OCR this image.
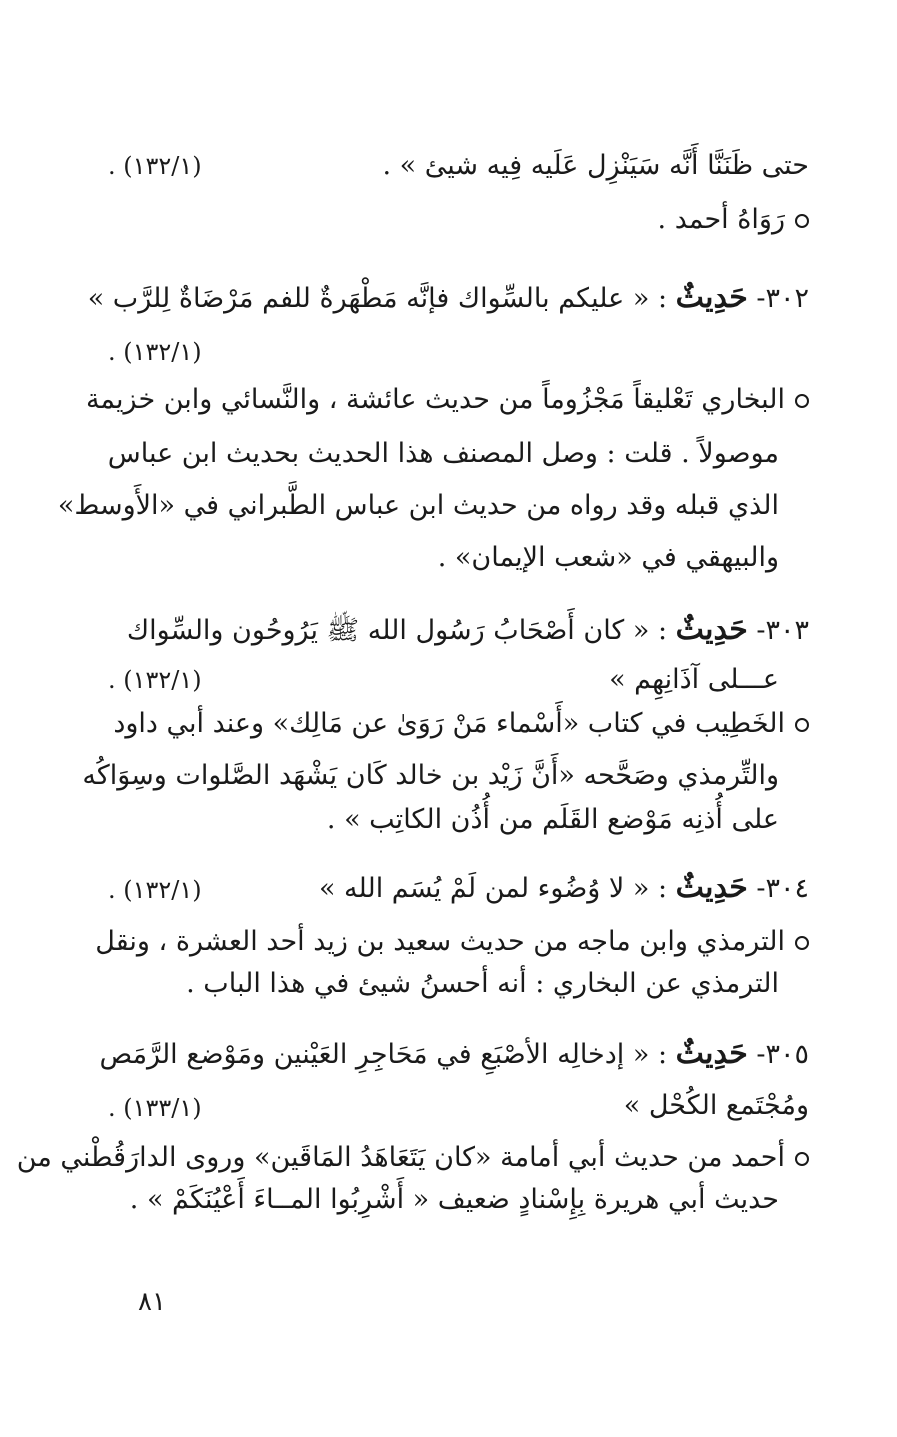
حتى ظَنَنَّا أَنَّه سَيَنْزِل عَلَيه فِيه شيئ » .
(١٣٢/١) .
رَوَاهُ أحمد .
٣٠٢- حَدِيثٌ : « عليكم بالسِّواك فإنَّه مَطْهَرةٌ للفم مَرْضَاةٌ لِلرَّب »
(١٣٢/١) .
البخاري تَعْليقاً مَجْزُوماً من حديث عائشة ، والنَّسائي وابن خزيمة
موصولاً . قلت : وصل المصنف هذا الحديث بحديث ابن عباس
الذي قبله وقد رواه من حديث ابن عباس الطَّبراني في «الأَوسط»
والبيهقي في «شعب الإيمان» .
٣٠٣- حَدِيثٌ : « كان أَصْحَابُ رَسُول الله ﷺ يَرُوحُون والسِّواك
عـــلى آذَانِهِم »
(١٣٢/١) .
الخَطِيب في كتاب «أَسْماء مَنْ رَوَىٰ عن مَالِك» وعند أبي داود
والتِّرمذي وصَحَّحه «أَنَّ زَيْد بن خالد كَان يَشْهَد الصَّلوات وسِوَاكُه
على أُذنِه مَوْضع القَلَم من أُذُن الكاتِب » .
٣٠٤- حَدِيثٌ : « لا وُضُوء لمن لَمْ يُسَم الله »
(١٣٢/١) .
الترمذي وابن ماجه من حديث سعيد بن زيد أحد العشرة ، ونقل
الترمذي عن البخاري : أنه أحسنُ شيئ في هذا الباب .
٣٠٥- حَدِيثٌ : « إدخالِه الأصْبَعِ في مَحَاجِرِ العَيْنين ومَوْضع الرَّمَص
ومُجْتَمع الكُحْل »
(١٣٣/١) .
أحمد من حديث أبي أمامة «كان يَتَعَاهَدُ المَاقَين» وروى الدارَقُطْني من
حديث أبي هريرة بِإِسْنادٍ ضعيف « أَشْرِبُوا المــاءَ أَعْيُنَكَمْ » .
٨١
